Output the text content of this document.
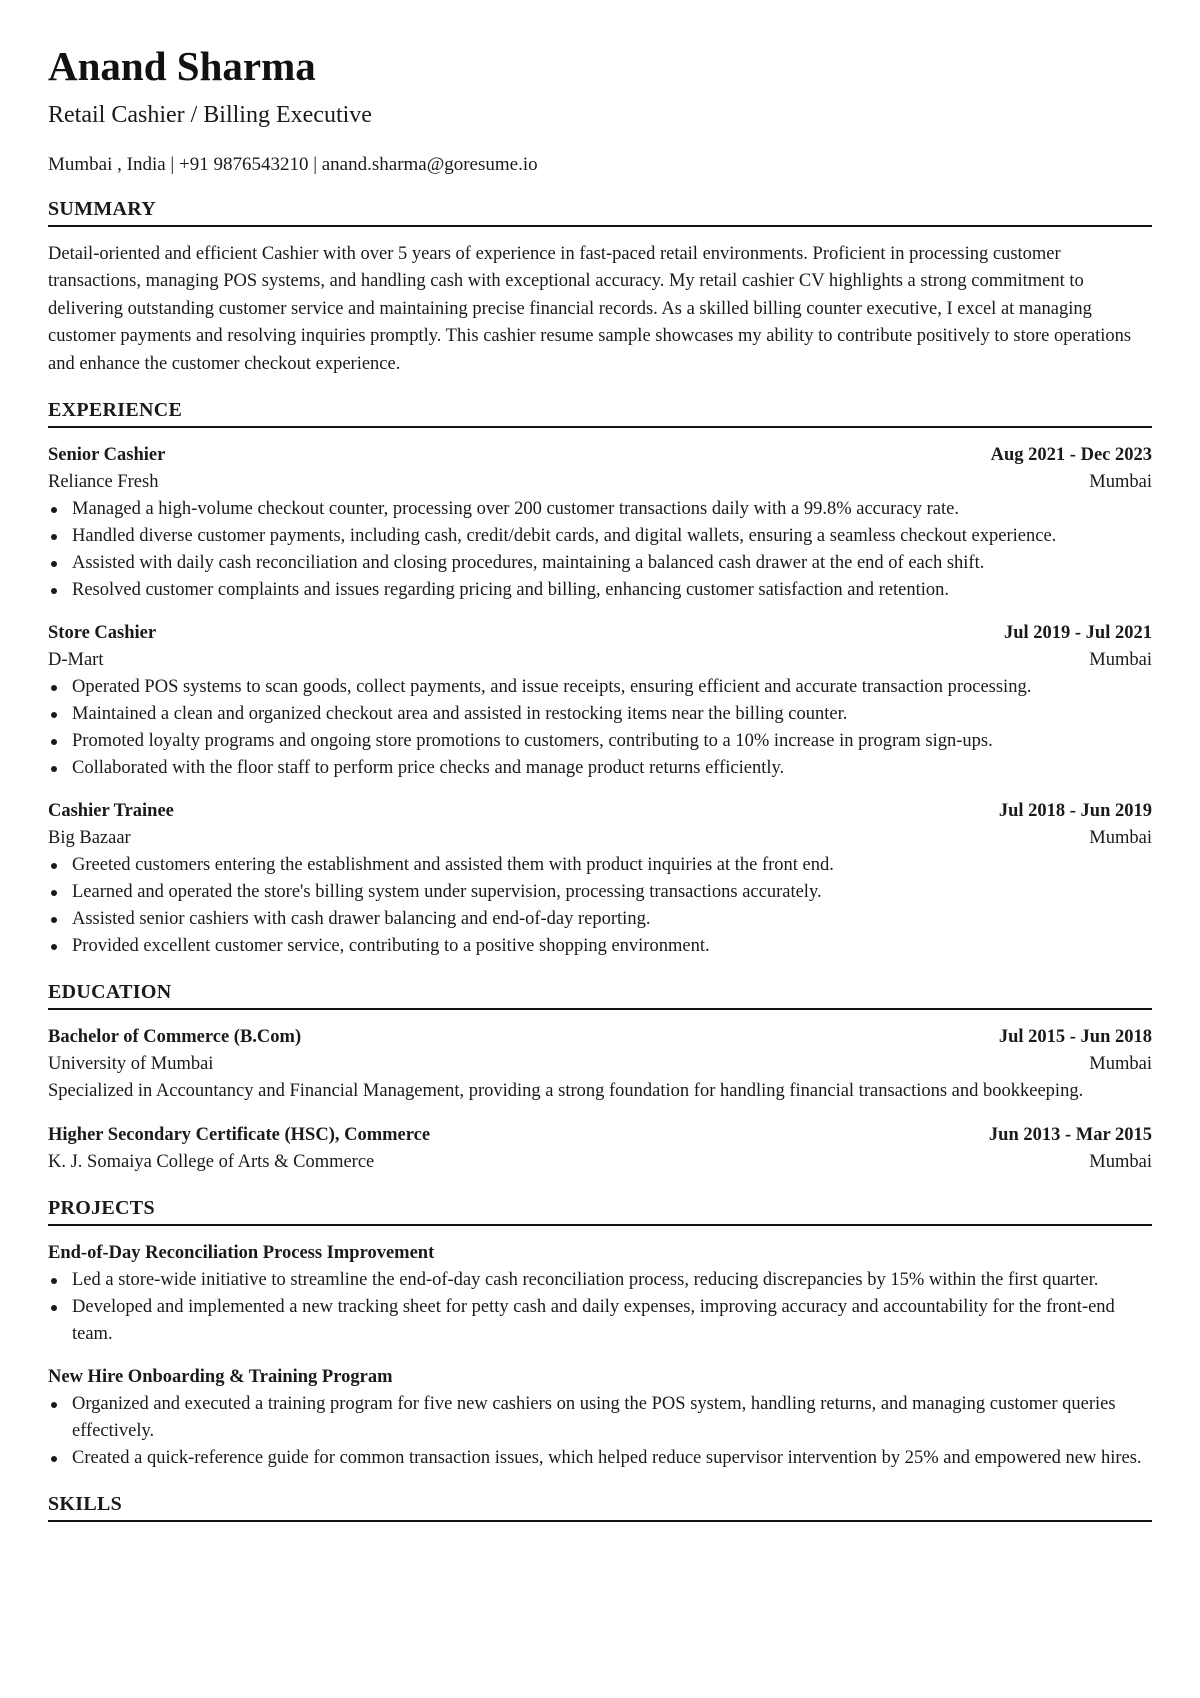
Anand Sharma
Retail Cashier / Billing Executive
Mumbai , India | +91 9876543210 | anand.sharma@goresume.io
SUMMARY

Detail-oriented and efficient Cashier with over 5 years of experience in fast-paced retail environments. Proficient in processing customer transactions, managing POS systems, and handling cash with exceptional accuracy. My retail cashier CV highlights a strong commitment to delivering outstanding customer service and maintaining precise financial records. As a skilled billing counter executive, I excel at managing customer payments and resolving inquiries promptly. This cashier resume sample showcases my ability to contribute positively to store operations and enhance the customer checkout experience.

EXPERIENCE
Senior Cashier	Aug 2021 - Dec 2023
Reliance Fresh	Mumbai
Managed a high-volume checkout counter, processing over 200 customer transactions daily with a 99.8% accuracy rate.
Handled diverse customer payments, including cash, credit/debit cards, and digital wallets, ensuring a seamless checkout experience.
Assisted with daily cash reconciliation and closing procedures, maintaining a balanced cash drawer at the end of each shift.
Resolved customer complaints and issues regarding pricing and billing, enhancing customer satisfaction and retention.
Store Cashier	Jul 2019 - Jul 2021
D-Mart	Mumbai
Operated POS systems to scan goods, collect payments, and issue receipts, ensuring efficient and accurate transaction processing.
Maintained a clean and organized checkout area and assisted in restocking items near the billing counter.
Promoted loyalty programs and ongoing store promotions to customers, contributing to a 10% increase in program sign-ups.
Collaborated with the floor staff to perform price checks and manage product returns efficiently.
Cashier Trainee	Jul 2018 - Jun 2019
Big Bazaar	Mumbai
Greeted customers entering the establishment and assisted them with product inquiries at the front end.
Learned and operated the store's billing system under supervision, processing transactions accurately.
Assisted senior cashiers with cash drawer balancing and end-of-day reporting.
Provided excellent customer service, contributing to a positive shopping environment.
EDUCATION
Bachelor of Commerce (B.Com)	Jul 2015 - Jun 2018
University of Mumbai	Mumbai

Specialized in Accountancy and Financial Management, providing a strong foundation for handling financial transactions and bookkeeping.

Higher Secondary Certificate (HSC), Commerce	Jun 2013 - Mar 2015
K. J. Somaiya College of Arts & Commerce	Mumbai
PROJECTS
End-of-Day Reconciliation Process Improvement
Led a store-wide initiative to streamline the end-of-day cash reconciliation process, reducing discrepancies by 15% within the first quarter.
Developed and implemented a new tracking sheet for petty cash and daily expenses, improving accuracy and accountability for the front-end team.
New Hire Onboarding & Training Program
Organized and executed a training program for five new cashiers on using the POS system, handling returns, and managing customer queries effectively.
Created a quick-reference guide for common transaction issues, which helped reduce supervisor intervention by 25% and empowered new hires.
SKILLS
